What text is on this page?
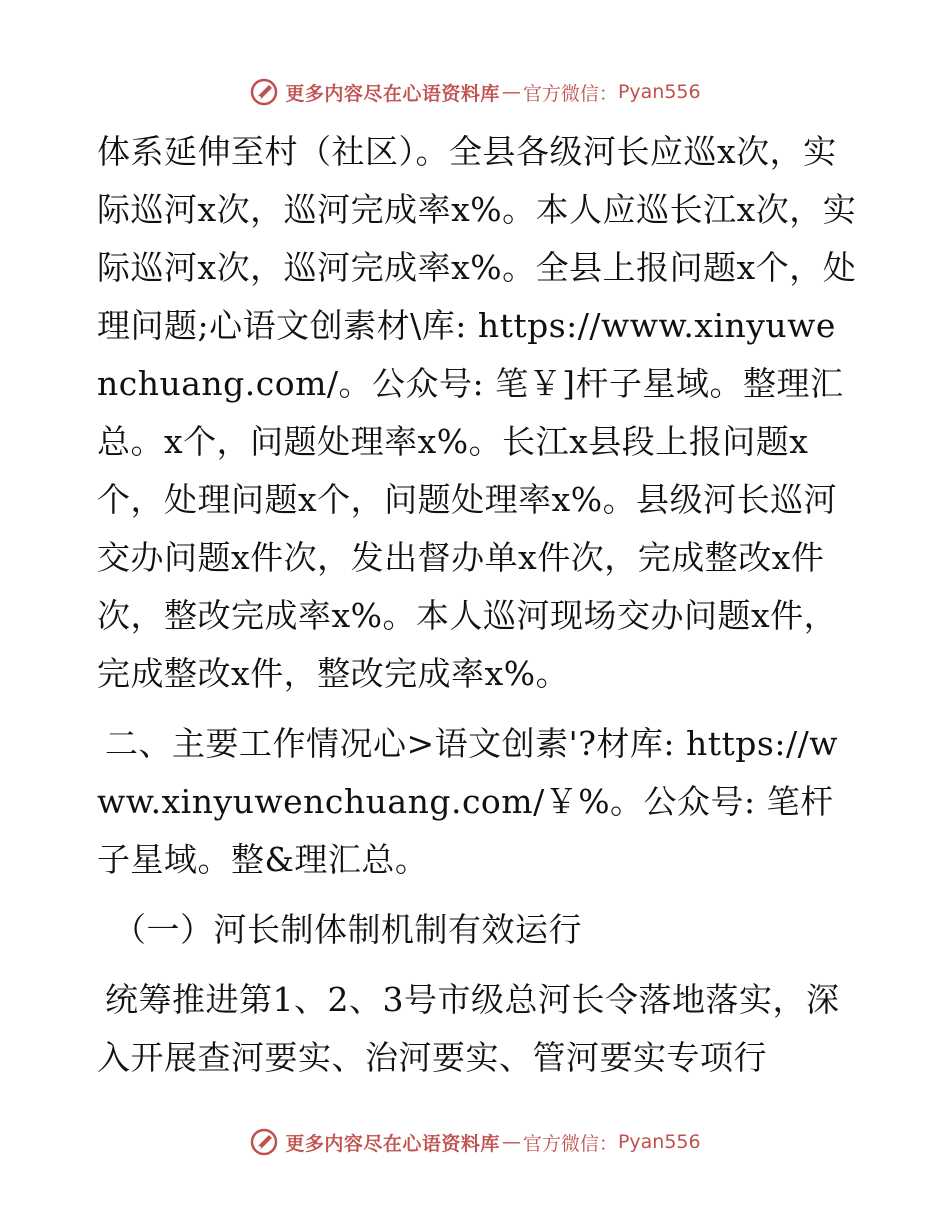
更多内容尽在心语资料库 — 官方微信： Pyan556

体系延伸至村（社区）。全县各级河长应巡x次，实际巡河x次，巡河完成率x%。本人应巡长江x次，实际巡河x次，巡河完成率x%。全县上报问题x个，处理问题;心语文创素材\库: https://www.xinyuwenchuang.com/。公众号: 笔￥]杆子星域。整理汇总。x个，问题处理率x%。长江x县段上报问题x个，处理问题x个，问题处理率x%。县级河长巡河交办问题x件次，发出督办单x件次，完成整改x件次，整改完成率x%。本人巡河现场交办问题x件，完成整改x件，整改完成率x%。

二、主要工作情况心>语文创素'?材库: https://www.xinyuwenchuang.com/￥%。公众号: 笔杆子星域。整&理汇总。

（一）河长制体制机制有效运行

统筹推进第1、2、3号市级总河长令落地落实，深入开展查河要实、治河要实、管河要实专项行

更多内容尽在心语资料库 — 官方微信： Pyan556
